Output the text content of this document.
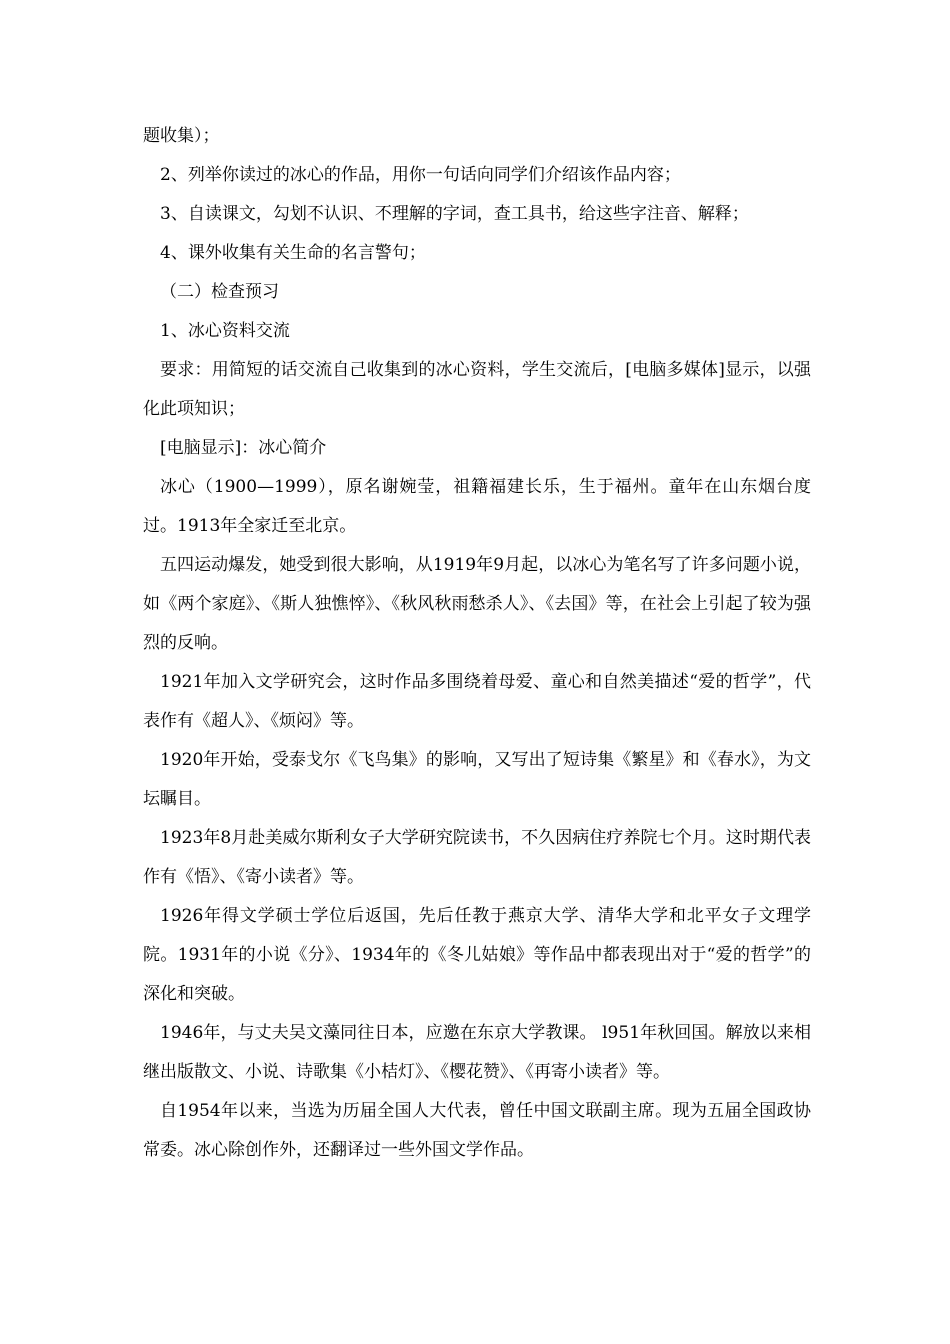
题收集）；

2、列举你读过的冰心的作品，用你一句话向同学们介绍该作品内容；

3、自读课文，勾划不认识、不理解的字词，查工具书，给这些字注音、解释；

4、课外收集有关生命的名言警句；

（二）检查预习

1、冰心资料交流

要求：用简短的话交流自己收集到的冰心资料，学生交流后，[电脑多媒体]显示，以强化此项知识；

[电脑显示]：冰心简介

冰心（1900—1999），原名谢婉莹，祖籍福建长乐，生于福州。童年在山东烟台度过。1913年全家迁至北京。

五四运动爆发，她受到很大影响，从1919年9月起，以冰心为笔名写了许多问题小说，如《两个家庭》、《斯人独憔悴》、《秋风秋雨愁杀人》、《去国》等，在社会上引起了较为强烈的反响。

1921年加入文学研究会，这时作品多围绕着母爱、童心和自然美描述“爱的哲学”，代表作有《超人》、《烦闷》等。

1920年开始，受泰戈尔《飞鸟集》的影响，又写出了短诗集《繁星》和《春水》，为文坛瞩目。

1923年8月赴美威尔斯利女子大学研究院读书，不久因病住疗养院七个月。这时期代表作有《悟》、《寄小读者》等。

1926年得文学硕士学位后返国，先后任教于燕京大学、清华大学和北平女子文理学院。1931年的小说《分》、1934年的《冬儿姑娘》等作品中都表现出对于“爱的哲学”的深化和突破。

1946年，与丈夫吴文藻同往日本，应邀在东京大学教课。 l951年秋回国。解放以来相继出版散文、小说、诗歌集《小桔灯》、《樱花赞》、《再寄小读者》等。

自1954年以来，当选为历届全国人大代表，曾任中国文联副主席。现为五届全国政协常委。冰心除创作外，还翻译过一些外国文学作品。
